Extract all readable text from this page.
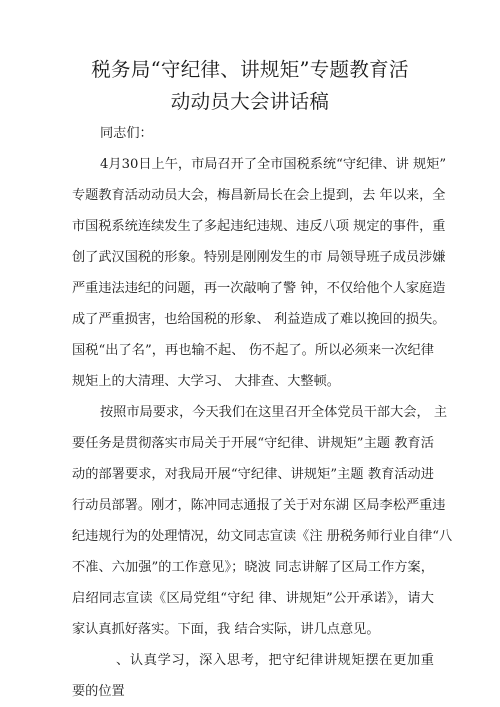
税务局“守纪律、讲规矩”专题教育活
动动员大会讲话稿

同志们：

4月30日上午，市局召开了全市国税系统“守纪律、讲 规矩”

专题教育活动动员大会，梅昌新局长在会上提到，去 年以来，全

市国税系统连续发生了多起违纪违规、违反八项 规定的事件，重

创了武汉国税的形象。特别是刚刚发生的市 局领导班子成员涉嫌

严重违法违纪的问题，再一次敲响了警 钟，不仅给他个人家庭造

成了严重损害，也给国税的形象、 利益造成了难以挽回的损失。

国税“出了名”，再也输不起、 伤不起了。所以必须来一次纪律

规矩上的大清理、大学习、 大排查、大整顿。

按照市局要求，今天我们在这里召开全体党员干部大会， 主

要任务是贯彻落实市局关于开展“守纪律、讲规矩”主题 教育活

动的部署要求，对我局开展“守纪律、讲规矩”主题 教育活动进

行动员部署。刚才，陈冲同志通报了关于对东湖 区局李松严重违

纪违规行为的处理情况，幼文同志宣读《注 册税务师行业自律“八

不准、六加强”的工作意见》；晓波 同志讲解了区局工作方案，

启绍同志宣读《区局党组“守纪 律、讲规矩”公开承诺》，请大

家认真抓好落实。下面，我 结合实际，讲几点意见。

、认真学习，深入思考，把守纪律讲规矩摆在更加重

要的位置
